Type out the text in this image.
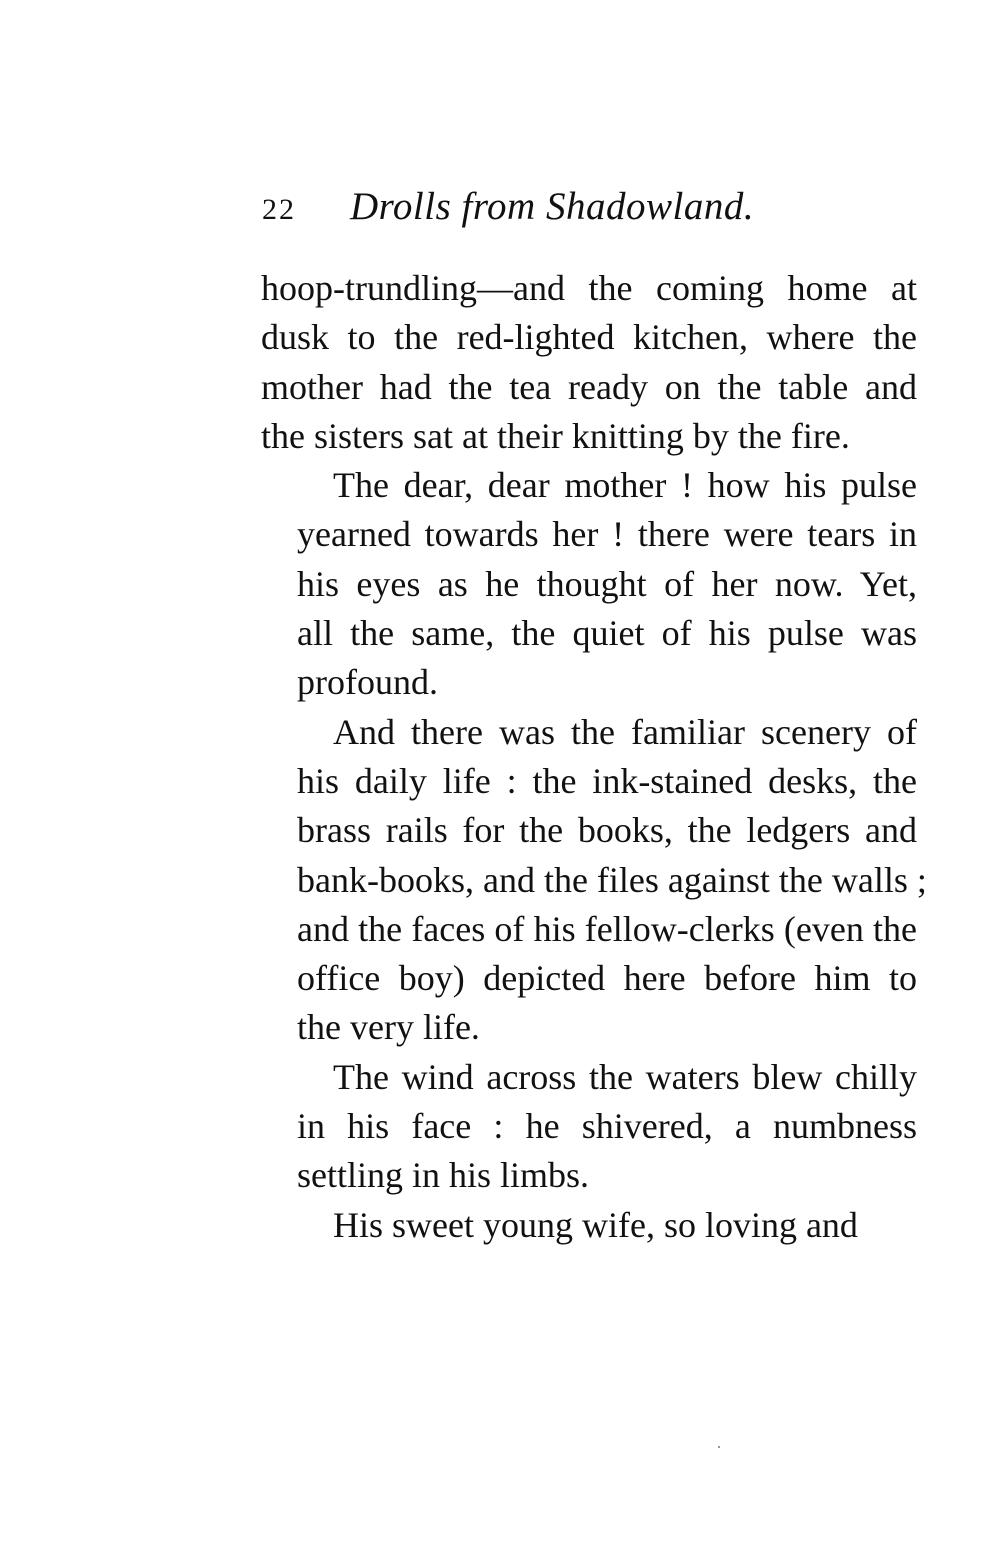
22 Drolls from Shadowland.
hoop-trundling—and the coming home at
dusk to the red-lighted kitchen, where the
mother had the tea ready on the table and
the sisters sat at their knitting by the fire.
The dear, dear mother ! how his pulse
yearned towards her ! there were tears in
his eyes as he thought of her now. Yet,
all the same, the quiet of his pulse was
profound.
And there was the familiar scenery of
his daily life : the ink-stained desks, the
brass rails for the books, the ledgers and
bank-books, and the files against the walls ;
and the faces of his fellow-clerks (even the
office boy) depicted here before him to
the very life.
The wind across the waters blew chilly
in his face : he shivered, a numbness
settling in his limbs.
His sweet young wife, so loving and
